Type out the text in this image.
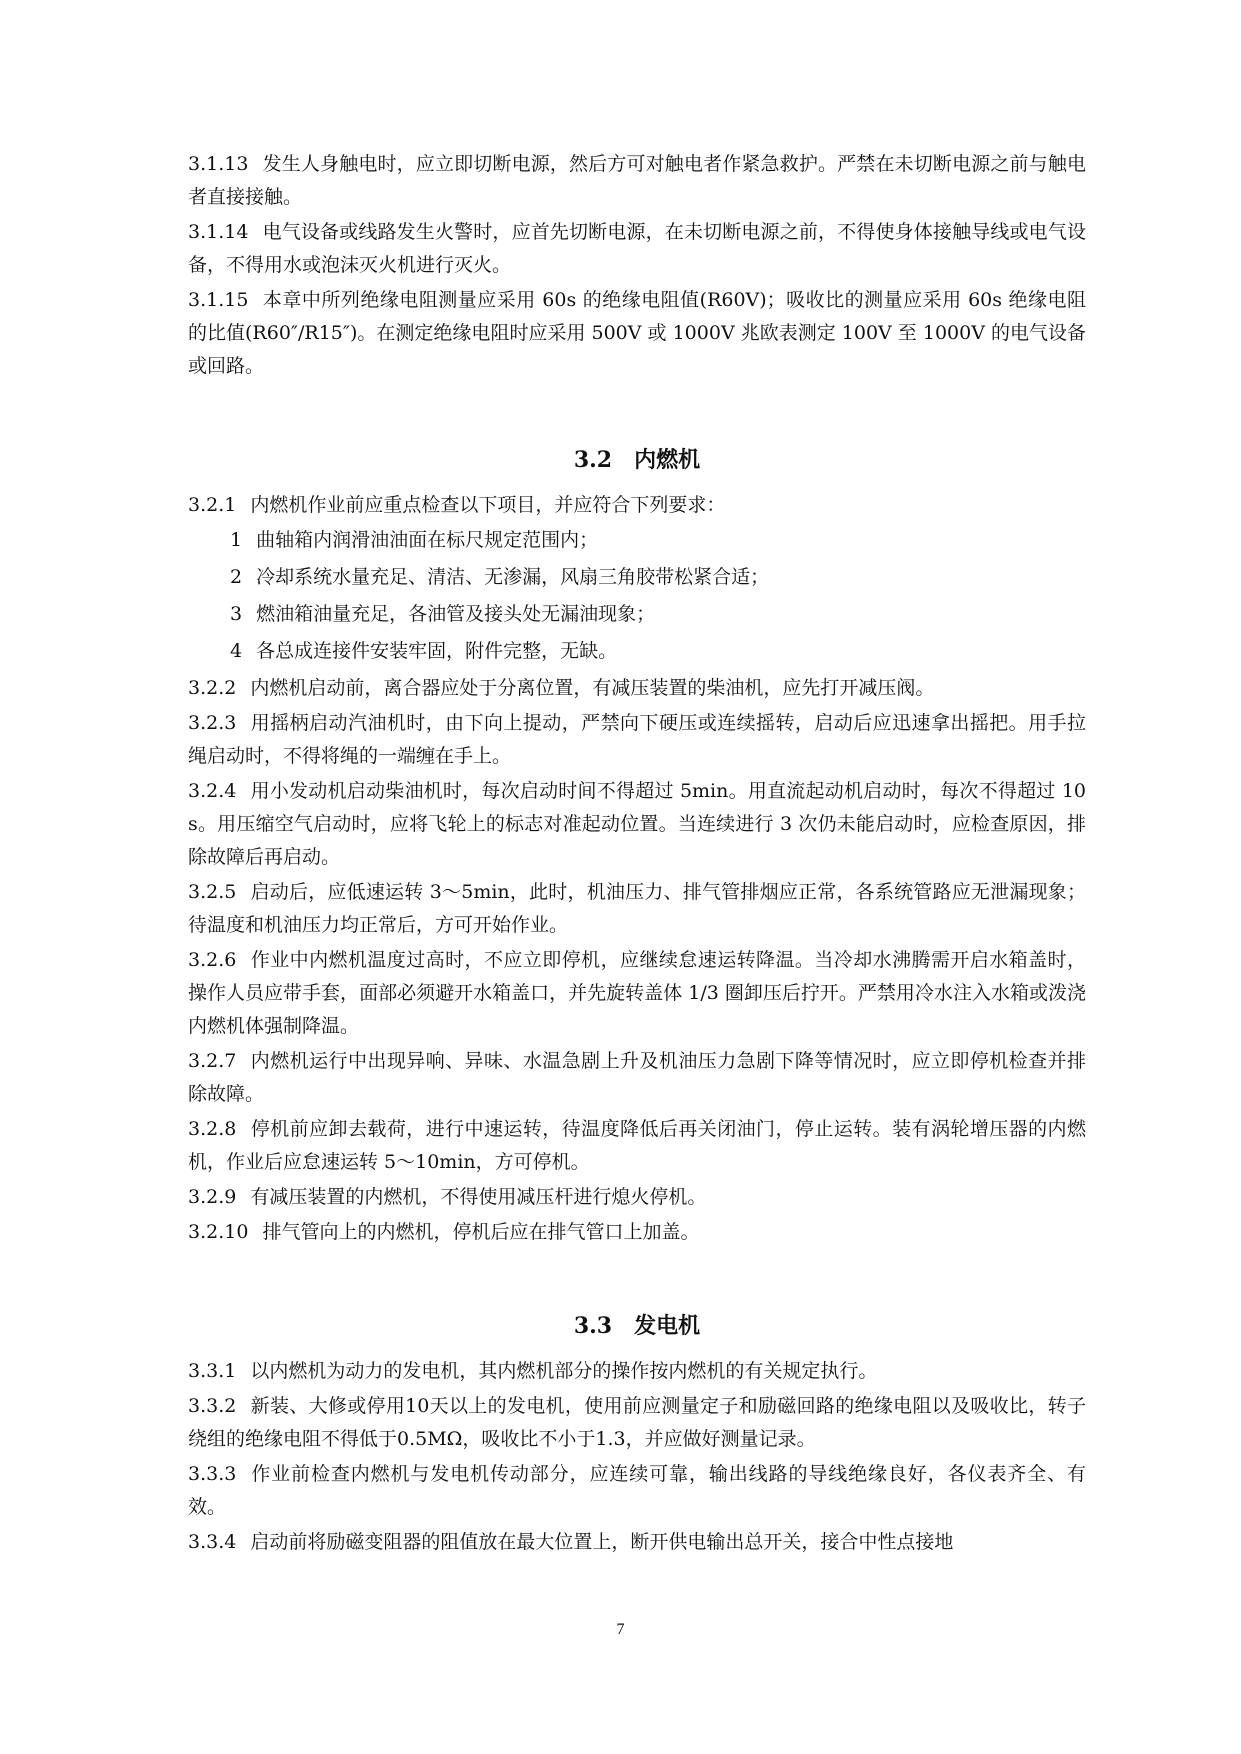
3.1.13 发生人身触电时，应立即切断电源，然后方可对触电者作紧急救护。严禁在未切断电源之前与触电者直接接触。

3.1.14 电气设备或线路发生火警时，应首先切断电源，在未切断电源之前，不得使身体接触导线或电气设备，不得用水或泡沫灭火机进行灭火。

3.1.15 本章中所列绝缘电阻测量应采用 60s 的绝缘电阻值(R60V)；吸收比的测量应采用 60s 绝缘电阻的比值(R60″/R15″)。在测定绝缘电阻时应采用 500V 或 1000V 兆欧表测定 100V 至 1000V 的电气设备或回路。

3.2 内燃机

3.2.1 内燃机作业前应重点检查以下项目，并应符合下列要求：

1 曲轴箱内润滑油油面在标尺规定范围内；

2 冷却系统水量充足、清洁、无渗漏，风扇三角胶带松紧合适；

3 燃油箱油量充足，各油管及接头处无漏油现象；

4 各总成连接件安装牢固，附件完整，无缺。

3.2.2 内燃机启动前，离合器应处于分离位置，有减压装置的柴油机，应先打开减压阀。

3.2.3 用摇柄启动汽油机时，由下向上提动，严禁向下硬压或连续摇转，启动后应迅速拿出摇把。用手拉绳启动时，不得将绳的一端缠在手上。

3.2.4 用小发动机启动柴油机时，每次启动时间不得超过 5min。用直流起动机启动时，每次不得超过 10s。用压缩空气启动时，应将飞轮上的标志对准起动位置。当连续进行 3 次仍未能启动时，应检查原因，排除故障后再启动。

3.2.5 启动后，应低速运转 3～5min，此时，机油压力、排气管排烟应正常，各系统管路应无泄漏现象；待温度和机油压力均正常后，方可开始作业。

3.2.6 作业中内燃机温度过高时，不应立即停机，应继续怠速运转降温。当冷却水沸腾需开启水箱盖时，操作人员应带手套，面部必须避开水箱盖口，并先旋转盖体 1/3 圈卸压后拧开。严禁用冷水注入水箱或泼浇内燃机体强制降温。

3.2.7 内燃机运行中出现异响、异味、水温急剧上升及机油压力急剧下降等情况时，应立即停机检查并排除故障。

3.2.8 停机前应卸去载荷，进行中速运转，待温度降低后再关闭油门，停止运转。装有涡轮增压器的内燃机，作业后应怠速运转 5～10min，方可停机。

3.2.9 有减压装置的内燃机，不得使用减压杆进行熄火停机。

3.2.10 排气管向上的内燃机，停机后应在排气管口上加盖。

3.3 发电机

3.3.1 以内燃机为动力的发电机，其内燃机部分的操作按内燃机的有关规定执行。

3.3.2 新装、大修或停用10天以上的发电机，使用前应测量定子和励磁回路的绝缘电阻以及吸收比，转子绕组的绝缘电阻不得低于0.5MΩ，吸收比不小于1.3，并应做好测量记录。

3.3.3 作业前检查内燃机与发电机传动部分，应连续可靠，输出线路的导线绝缘良好，各仪表齐全、有效。

3.3.4 启动前将励磁变阻器的阻值放在最大位置上，断开供电输出总开关，接合中性点接地

7
